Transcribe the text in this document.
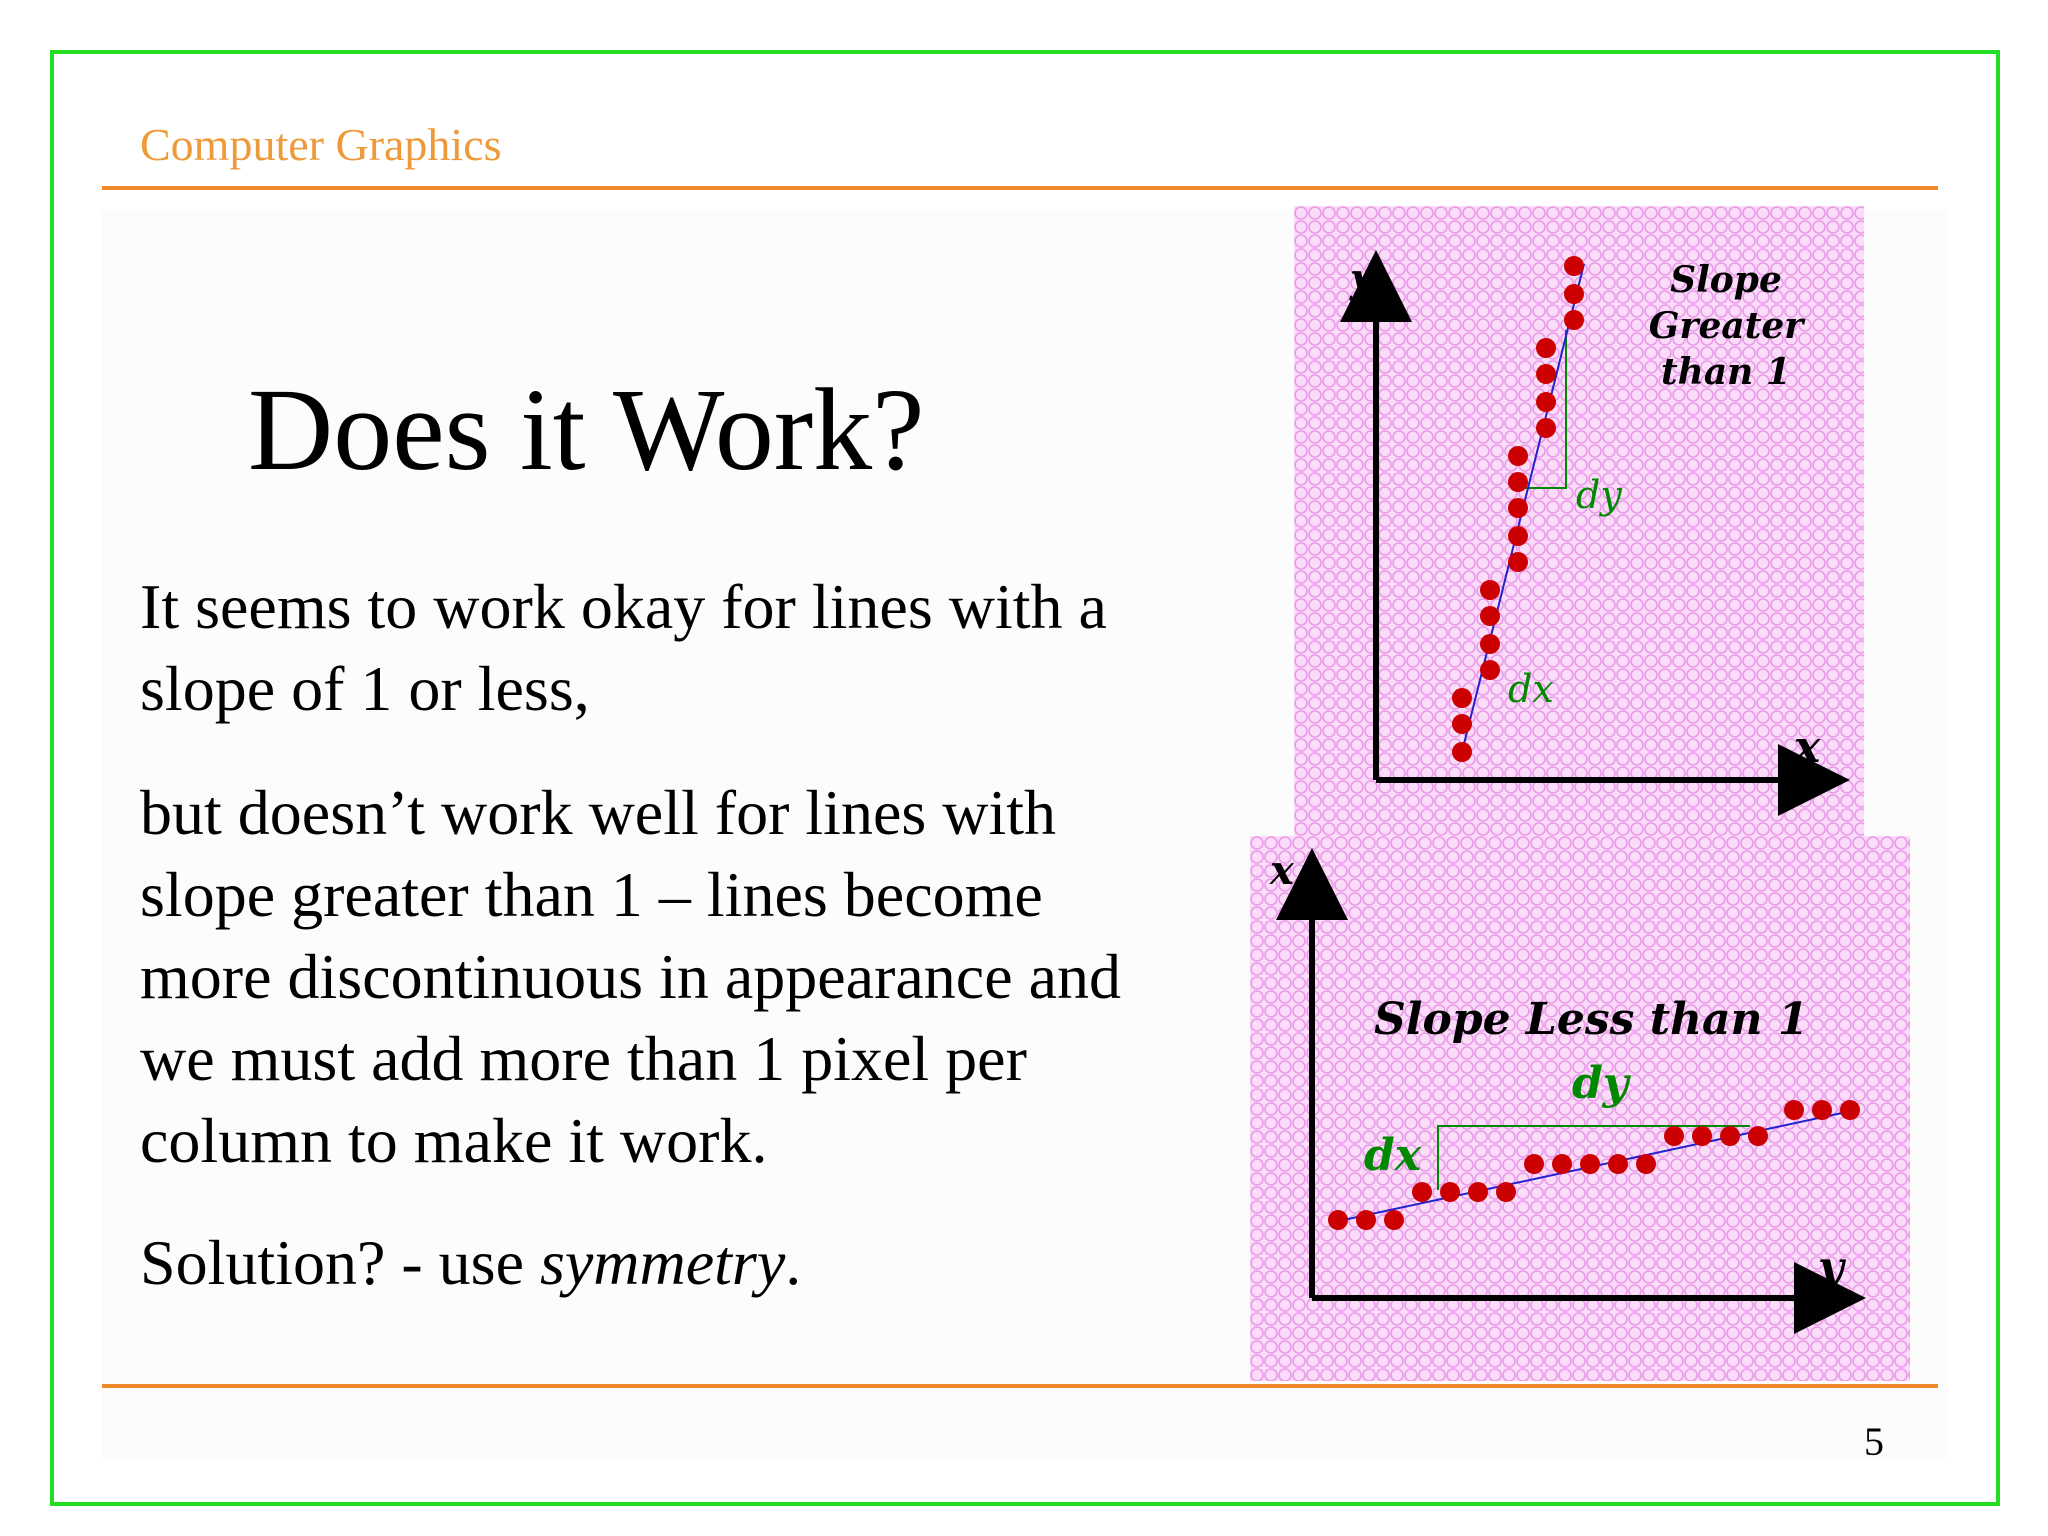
Computer Graphics
Does it Work?

It seems to work okay for lines with a slope of 1 or less,

but doesn’t work well for lines with slope greater than 1 – lines become more discontinuous in appearance and we must add more than 1 pixel per column to make it work.

Solution? - use symmetry.

y
x
Slope
Greater
than 1
dy
dx
x
y
Slope Less than 1
dy
dx
5
